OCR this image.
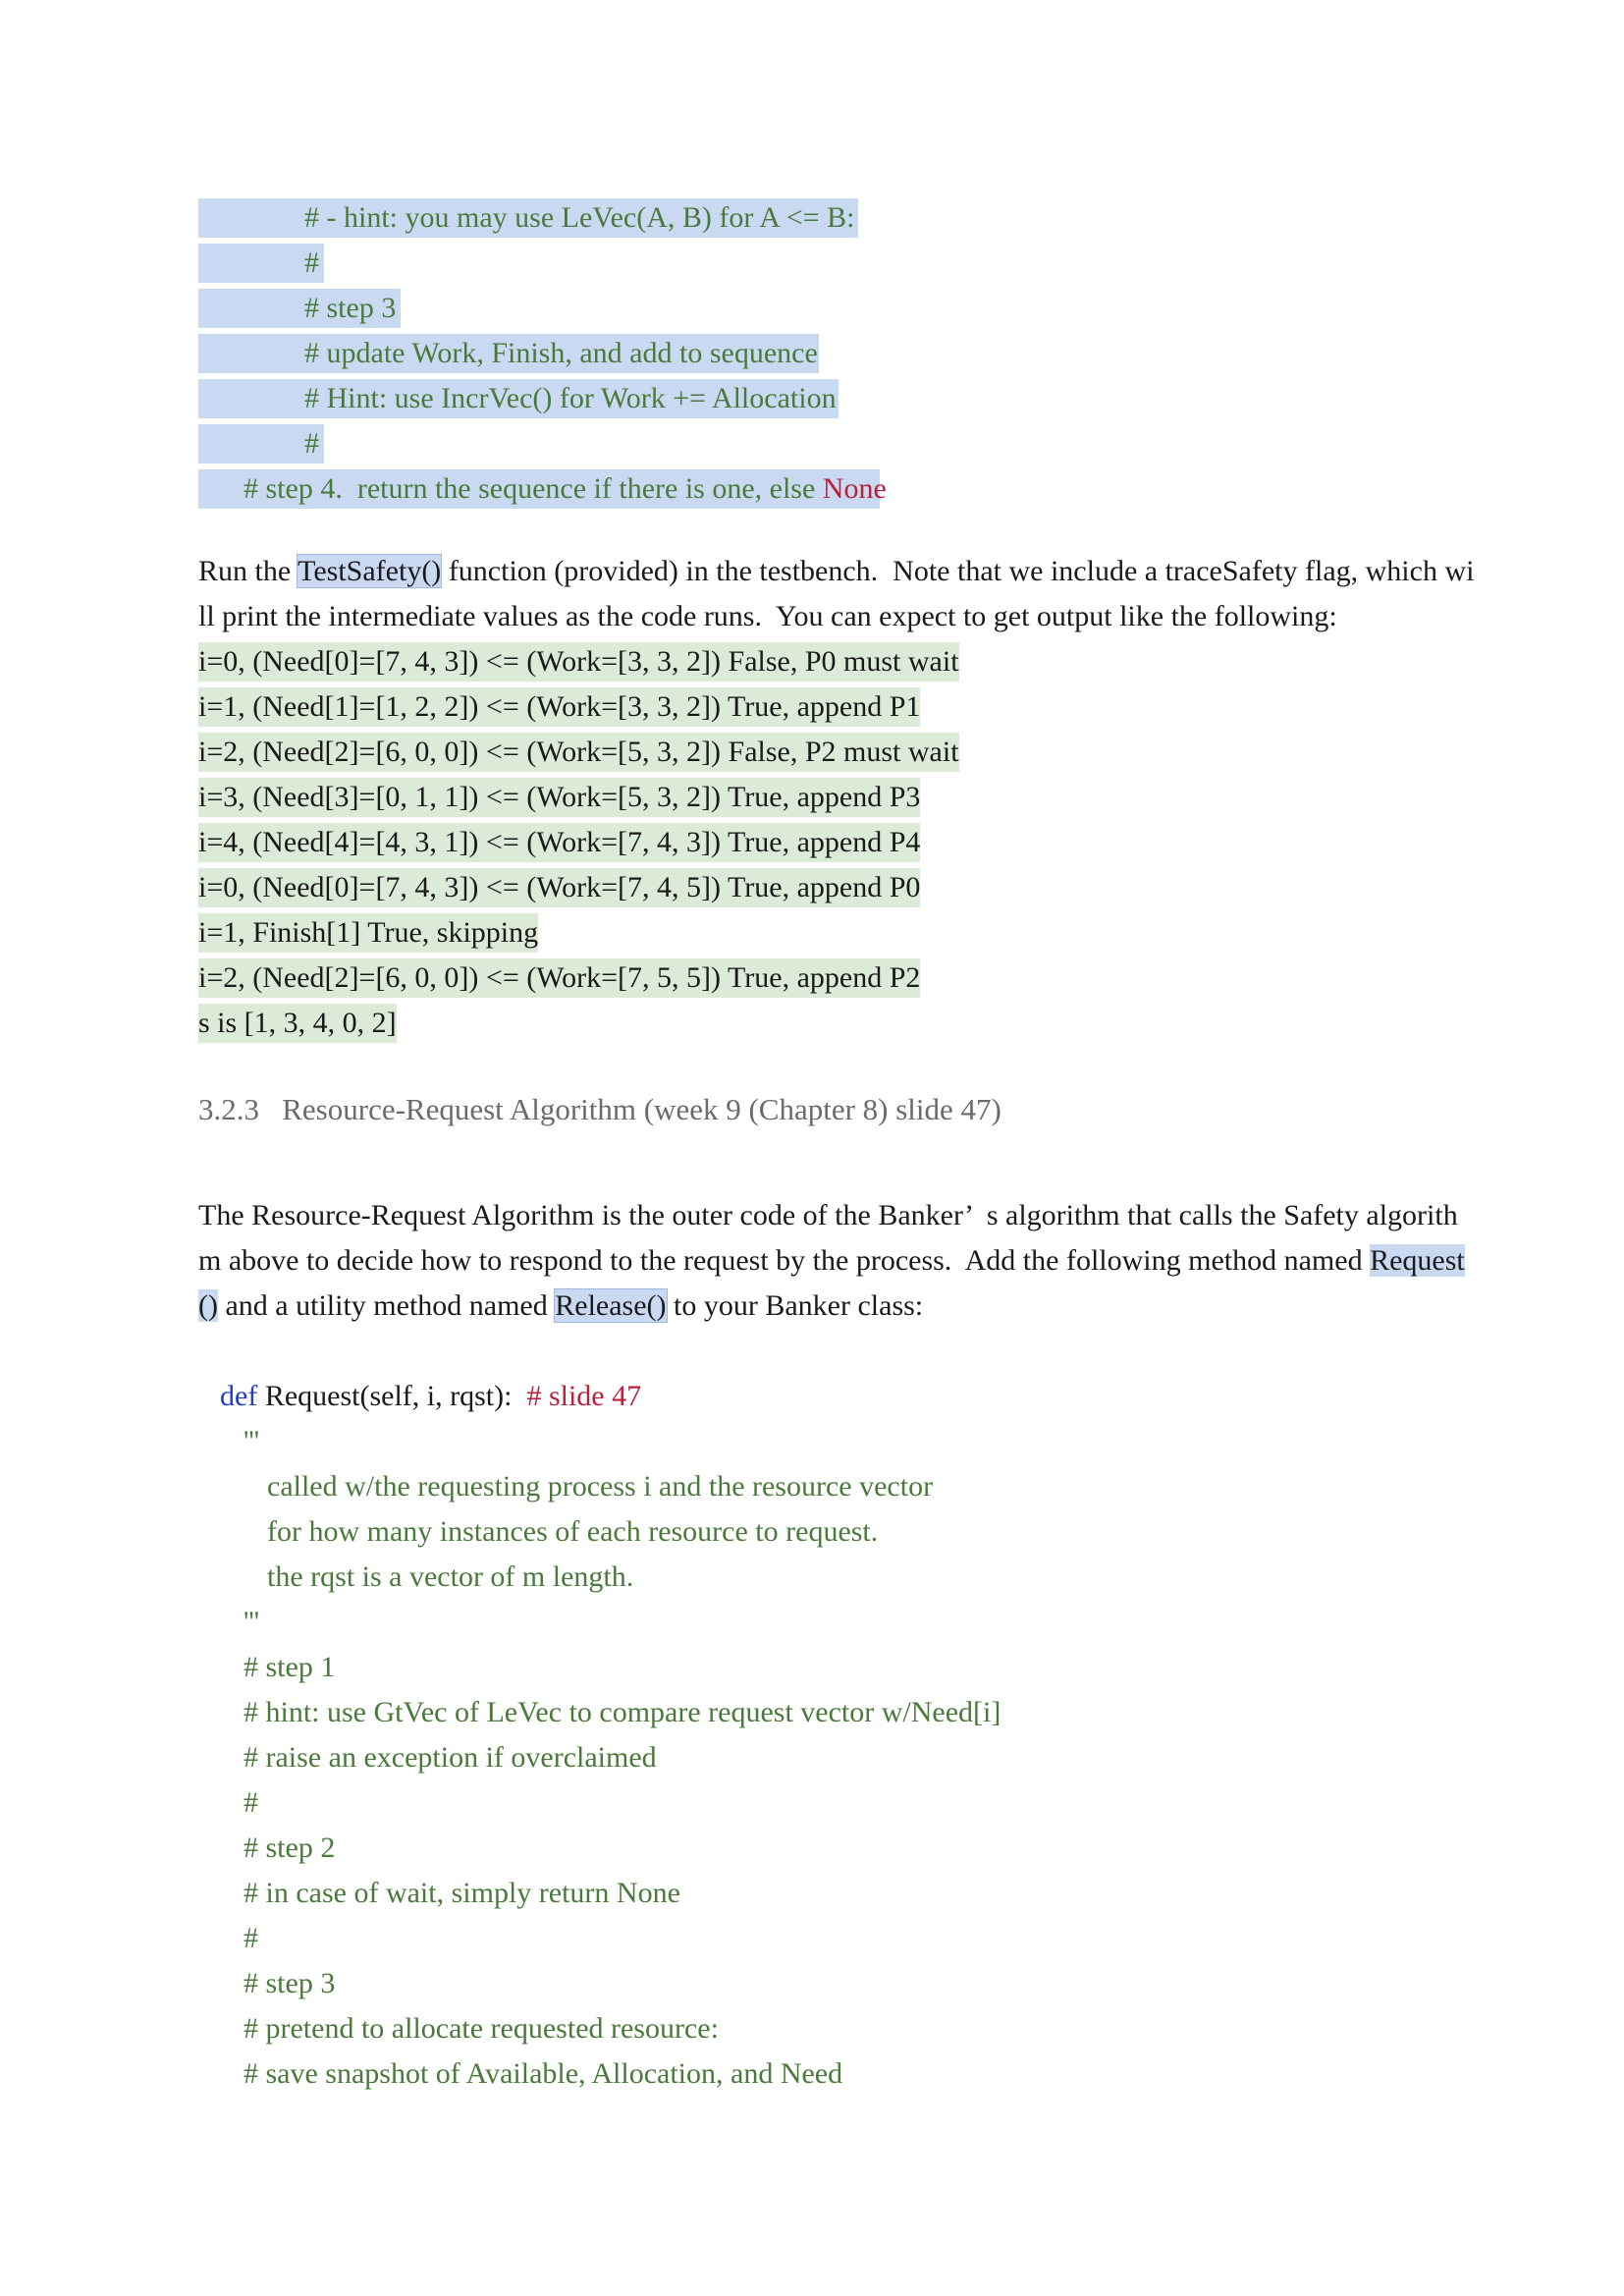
# - hint: you may use LeVec(A, B) for A <= B:
#
# step 3
# update Work, Finish, and add to sequence
# Hint: use IncrVec() for Work += Allocation
#
# step 4.  return the sequence if there is one, else None
Run the TestSafety() function (provided) in the testbench.  Note that we include a traceSafety flag, which wi
ll print the intermediate values as the code runs.  You can expect to get output like the following:
i=0, (Need[0]=[7, 4, 3]) <= (Work=[3, 3, 2]) False, P0 must wait
i=1, (Need[1]=[1, 2, 2]) <= (Work=[3, 3, 2]) True, append P1
i=2, (Need[2]=[6, 0, 0]) <= (Work=[5, 3, 2]) False, P2 must wait
i=3, (Need[3]=[0, 1, 1]) <= (Work=[5, 3, 2]) True, append P3
i=4, (Need[4]=[4, 3, 1]) <= (Work=[7, 4, 3]) True, append P4
i=0, (Need[0]=[7, 4, 3]) <= (Work=[7, 4, 5]) True, append P0
i=1, Finish[1] True, skipping
i=2, (Need[2]=[6, 0, 0]) <= (Work=[7, 5, 5]) True, append P2
s is [1, 3, 4, 0, 2]
3.2.3   Resource-Request Algorithm (week 9 (Chapter 8) slide 47)
The Resource-Request Algorithm is the outer code of the Banker’  s algorithm that calls the Safety algorith
m above to decide how to respond to the request by the process.  Add the following method named Request
() and a utility method named Release() to your Banker class:
def Request(self, i, rqst):  # slide 47
'''
called w/the requesting process i and the resource vector
for how many instances of each resource to request.
the rqst is a vector of m length.
'''
# step 1
# hint: use GtVec of LeVec to compare request vector w/Need[i]
# raise an exception if overclaimed
#
# step 2
# in case of wait, simply return None
#
# step 3
# pretend to allocate requested resource:
# save snapshot of Available, Allocation, and Need
